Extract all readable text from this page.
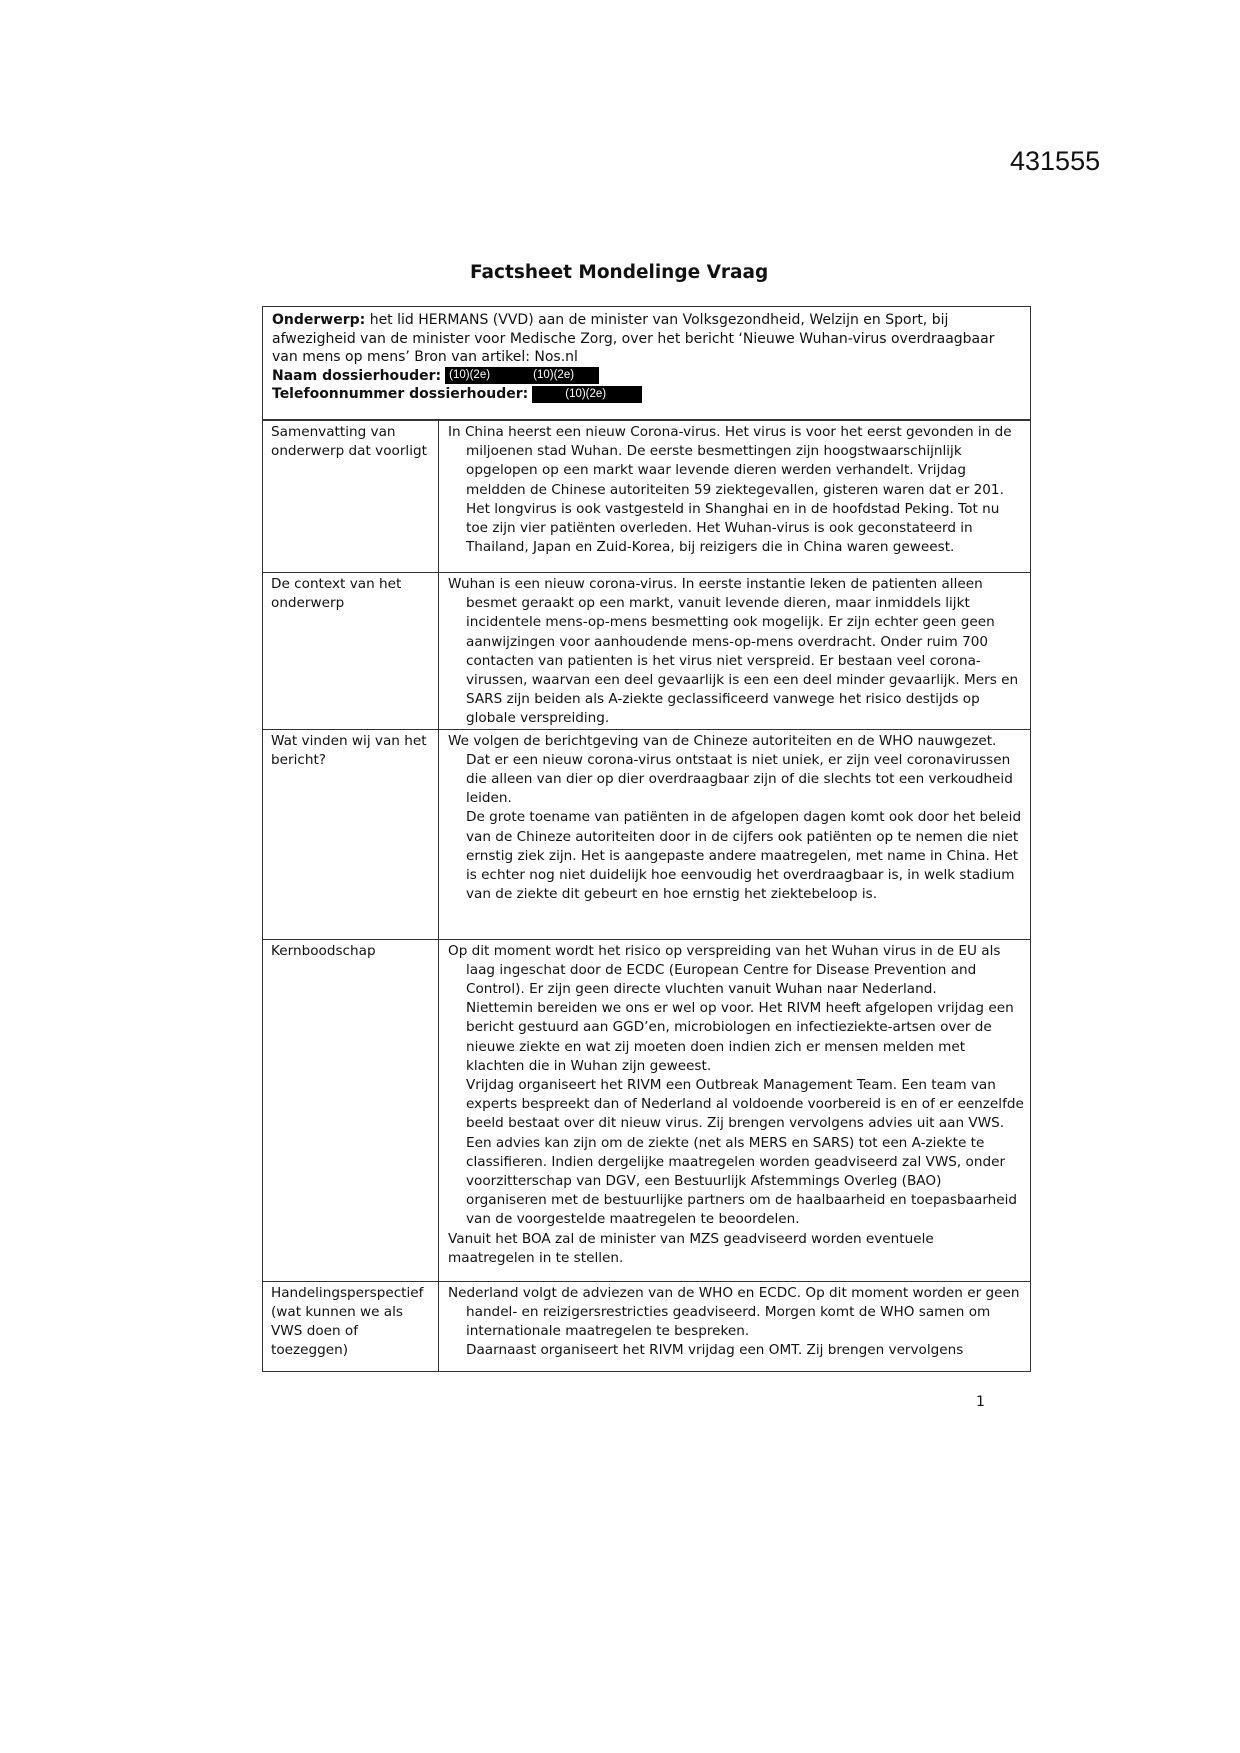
431555
Factsheet Mondelinge Vraag
Onderwerp: het lid HERMANS (VVD) aan de minister van Volksgezondheid, Welzijn en Sport, bij afwezigheid van de minister voor Medische Zorg, over het bericht ‘Nieuwe Wuhan-virus overdraagbaar van mens op mens’ Bron van artikel: Nos.nl
Naam dossierhouder: (10)(2e)	(10)(2e)
Telefoonnummer dossierhouder:	(10)(2e)
Samenvatting van onderwerp dat voorligt	In China heerst een nieuw Corona-virus. Het virus is voor het eerst gevonden in de miljoenen stad Wuhan. De eerste besmettingen zijn hoogstwaarschijnlijk opgelopen op een markt waar levende dieren werden verhandelt. Vrijdag meldden de Chinese autoriteiten 59 ziektegevallen, gisteren waren dat er 201. Het longvirus is ook vastgesteld in Shanghai en in de hoofdstad Peking. Tot nu toe zijn vier patiënten overleden. Het Wuhan-virus is ook geconstateerd in Thailand, Japan en Zuid-Korea, bij reizigers die in China waren geweest.

De context van het onderwerp	Wuhan is een nieuw corona-virus. In eerste instantie leken de patienten alleen besmet geraakt op een markt, vanuit levende dieren, maar inmiddels lijkt incidentele mens-op-mens besmetting ook mogelijk. Er zijn echter geen geen aanwijzingen voor aanhoudende mens-op-mens overdracht. Onder ruim 700 contacten van patienten is het virus niet verspreid. Er bestaan veel corona-virussen, waarvan een deel gevaarlijk is een een deel minder gevaarlijk. Mers en SARS zijn beiden als A-ziekte geclassificeerd vanwege het risico destijds op globale verspreiding.

Wat vinden wij van het bericht?	We volgen de berichtgeving van de Chineze autoriteiten en de WHO nauwgezet. Dat er een nieuw corona-virus ontstaat is niet uniek, er zijn veel coronavirussen die alleen van dier op dier overdraagbaar zijn of die slechts tot een verkoudheid leiden.

De grote toename van patiënten in de afgelopen dagen komt ook door het beleid van de Chineze autoriteiten door in de cijfers ook patiënten op te nemen die niet ernstig ziek zijn. Het is aangepaste andere maatregelen, met name in China. Het is echter nog niet duidelijk hoe eenvoudig het overdraagbaar is, in welk stadium van de ziekte dit gebeurt en hoe ernstig het ziektebeloop is.

Kernboodschap	Op dit moment wordt het risico op verspreiding van het Wuhan virus in de EU als laag ingeschat door de ECDC (European Centre for Disease Prevention and Control). Er zijn geen directe vluchten vanuit Wuhan naar Nederland.

Niettemin bereiden we ons er wel op voor. Het RIVM heeft afgelopen vrijdag een bericht gestuurd aan GGD’en, microbiologen en infectieziekte-artsen over de nieuwe ziekte en wat zij moeten doen indien zich er mensen melden met klachten die in Wuhan zijn geweest.

Vrijdag organiseert het RIVM een Outbreak Management Team. Een team van experts bespreekt dan of Nederland al voldoende voorbereid is en of er eenzelfde beeld bestaat over dit nieuw virus. Zij brengen vervolgens advies uit aan VWS. Een advies kan zijn om de ziekte (net als MERS en SARS) tot een A-ziekte te classifieren. Indien dergelijke maatregelen worden geadviseerd zal VWS, onder voorzitterschap van DGV, een Bestuurlijk Afstemmings Overleg (BAO) organiseren met de bestuurlijke partners om de haalbaarheid en toepasbaarheid van de voorgestelde maatregelen te beoordelen.

Vanuit het BOA zal de minister van MZS geadviseerd worden eventuele maatregelen in te stellen.

Handelingsperspectief (wat kunnen we als VWS doen of toezeggen)	Nederland volgt de adviezen van de WHO en ECDC. Op dit moment worden er geen handel- en reizigersrestricties geadviseerd. Morgen komt de WHO samen om internationale maatregelen te bespreken.

Daarnaast organiseert het RIVM vrijdag een OMT. Zij brengen vervolgens

1
